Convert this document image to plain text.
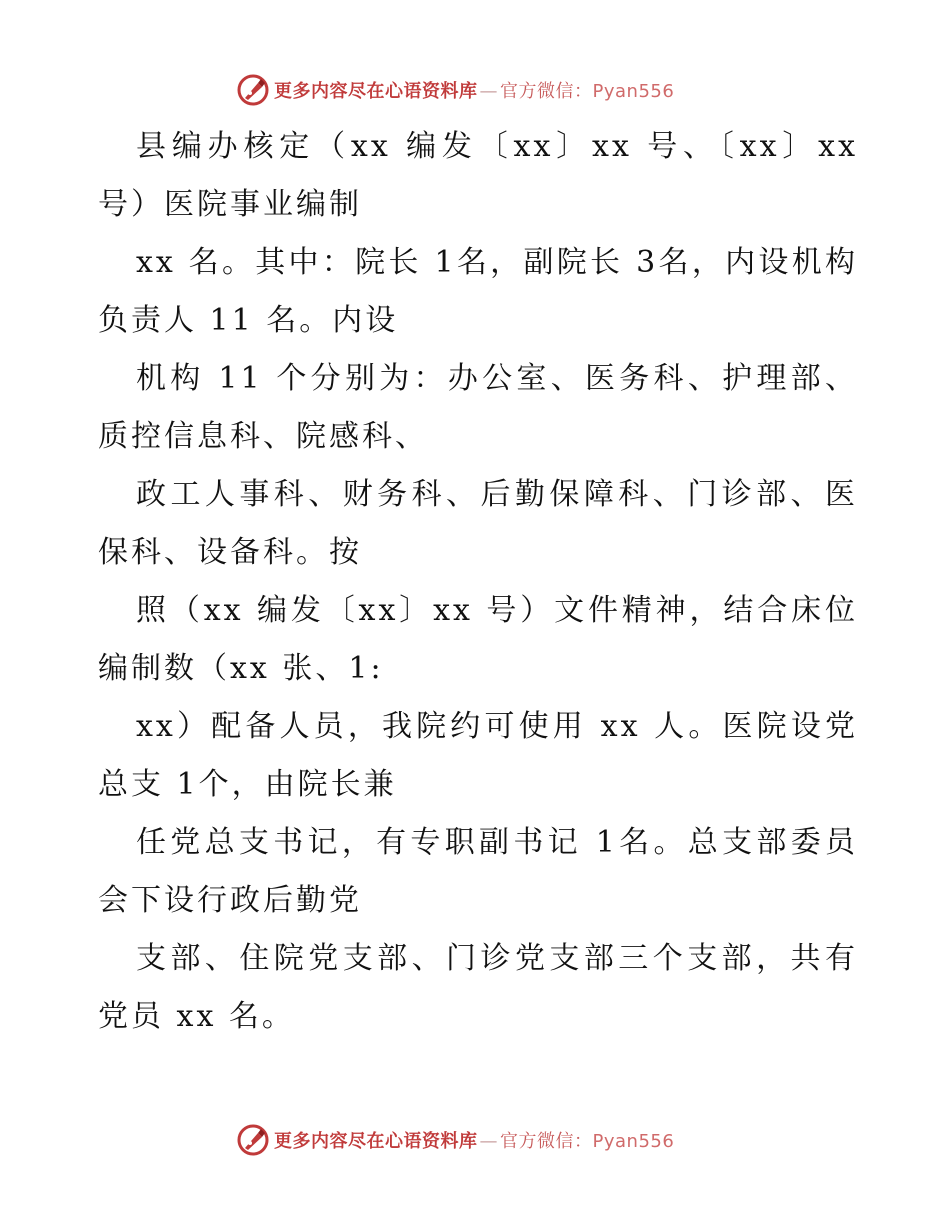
更多内容尽在心语资料库 — 官方微信：Pyan556

县编办核定（xx 编发〔xx〕xx 号、〔xx〕xx 号）医院事业编制

xx 名。其中：院长 1名，副院长 3名，内设机构负责人 11 名。内设

机构 11 个分别为：办公室、医务科、护理部、质控信息科、院感科、

政工人事科、财务科、后勤保障科、门诊部、医保科、设备科。按

照（xx 编发〔xx〕xx 号）文件精神，结合床位编制数（xx 张、1:

xx）配备人员，我院约可使用 xx 人。医院设党总支 1个，由院长兼

任党总支书记，有专职副书记 1名。总支部委员会下设行政后勤党

支部、住院党支部、门诊党支部三个支部，共有党员 xx 名。

更多内容尽在心语资料库 — 官方微信：Pyan556
